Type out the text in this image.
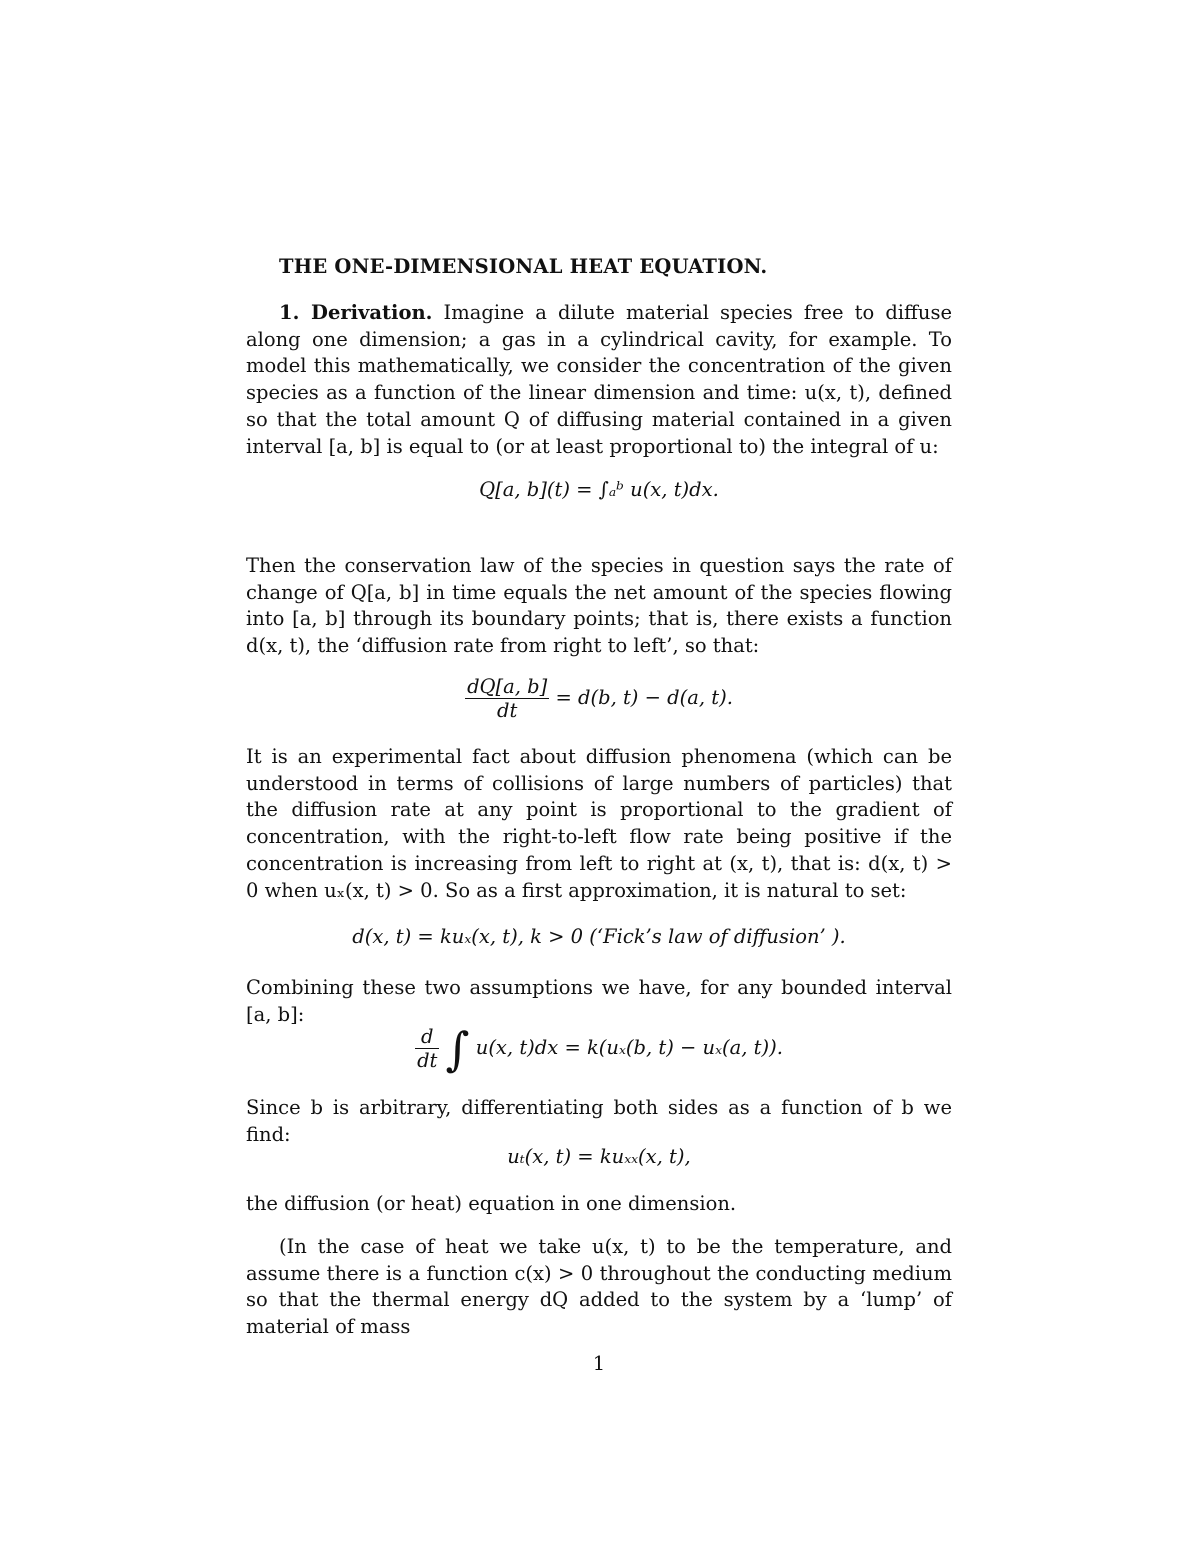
THE ONE-DIMENSIONAL HEAT EQUATION.

1. Derivation. Imagine a dilute material species free to diffuse along one dimension; a gas in a cylindrical cavity, for example. To model this mathematically, we consider the concentration of the given species as a function of the linear dimension and time: u(x, t), defined so that the total amount Q of diffusing material contained in a given interval [a, b] is equal to (or at least proportional to) the integral of u:

Q[a, b](t) = ∫ₐᵇ u(x, t)dx.

Then the conservation law of the species in question says the rate of change of Q[a, b] in time equals the net amount of the species flowing into [a, b] through its boundary points; that is, there exists a function d(x, t), the ‘diffusion rate from right to left’, so that:

$\frac{dQ[a, b]}{dt} = d(b$, t) − d(a, t).

It is an experimental fact about diffusion phenomena (which can be understood in terms of collisions of large numbers of particles) that the diffusion rate at any point is proportional to the gradient of concentration, with the right-to-left flow rate being positive if the concentration is increasing from left to right at (x, t), that is: d(x, t) > 0 when uₓ(x, t) > 0. So as a first approximation, it is natural to set:

d(x, t) = kuₓ(x, t), k > 0 (‘Fick’s law of diffusion’ ).

Combining these two assumptions we have, for any bounded interval [a, b]:

$\frac{d}{dt}$ ∫ u(x, t)dx = k(uₓ(b, t) − uₓ(a, t)).

Since b is arbitrary, differentiating both sides as a function of b we find:

uₜ(x, t) = kuₓₓ(x, t),

the diffusion (or heat) equation in one dimension.

(In the case of heat we take u(x, t) to be the temperature, and assume there is a function c(x) > 0 throughout the conducting medium so that the thermal energy dQ added to the system by a ‘lump’ of material of mass

1
